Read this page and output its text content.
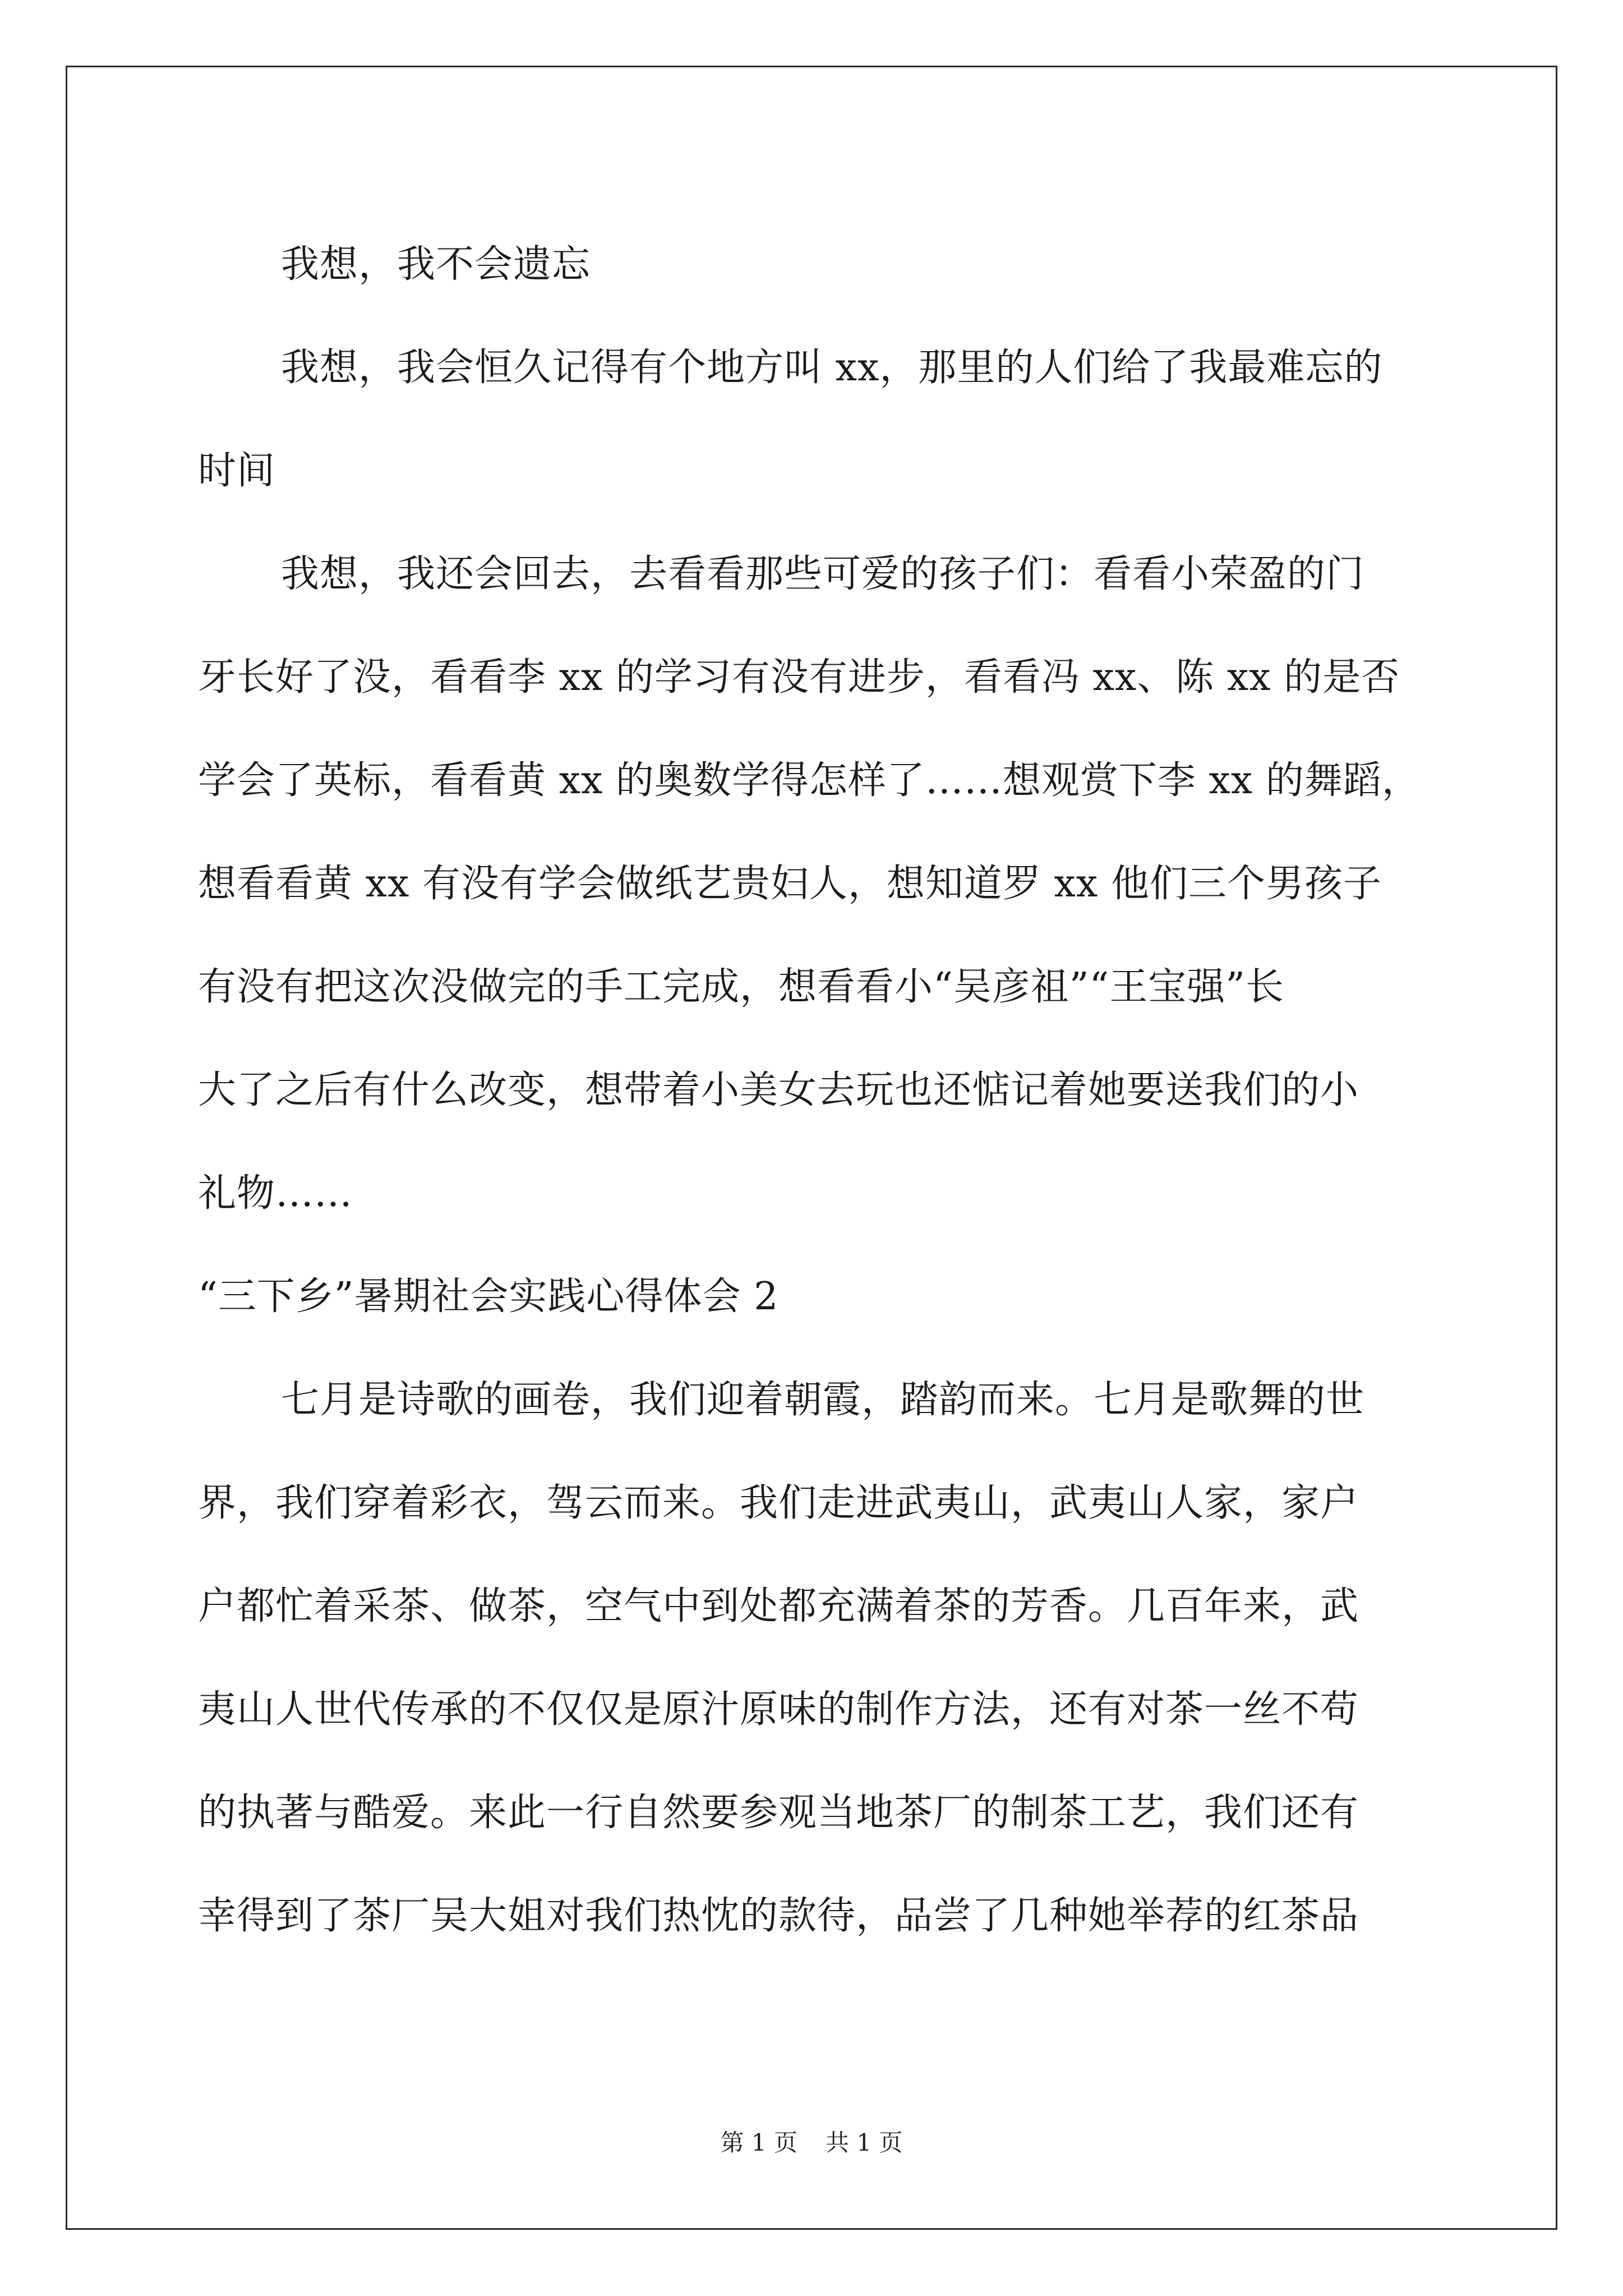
我想，我不会遗忘
我想，我会恒久记得有个地方叫 xx，那里的人们给了我最难忘的
时间
我想，我还会回去，去看看那些可爱的孩子们：看看小荣盈的门
牙长好了没，看看李 xx 的学习有没有进步，看看冯 xx、陈 xx 的是否
学会了英标，看看黄 xx 的奥数学得怎样了……想观赏下李 xx 的舞蹈，
想看看黄 xx 有没有学会做纸艺贵妇人，想知道罗 xx 他们三个男孩子
有没有把这次没做完的手工完成，想看看小“吴彦祖”“王宝强”长
大了之后有什么改变，想带着小美女去玩也还惦记着她要送我们的小
礼物……
“三下乡”暑期社会实践心得体会 2
七月是诗歌的画卷，我们迎着朝霞，踏韵而来。七月是歌舞的世
界，我们穿着彩衣，驾云而来。我们走进武夷山，武夷山人家，家户
户都忙着采茶、做茶，空气中到处都充满着茶的芳香。几百年来，武
夷山人世代传承的不仅仅是原汁原味的制作方法，还有对茶一丝不苟
的执著与酷爱。来此一行自然要参观当地茶厂的制茶工艺，我们还有
幸得到了茶厂吴大姐对我们热忱的款待，品尝了几种她举荐的红茶品
第 1 页 共 1 页
